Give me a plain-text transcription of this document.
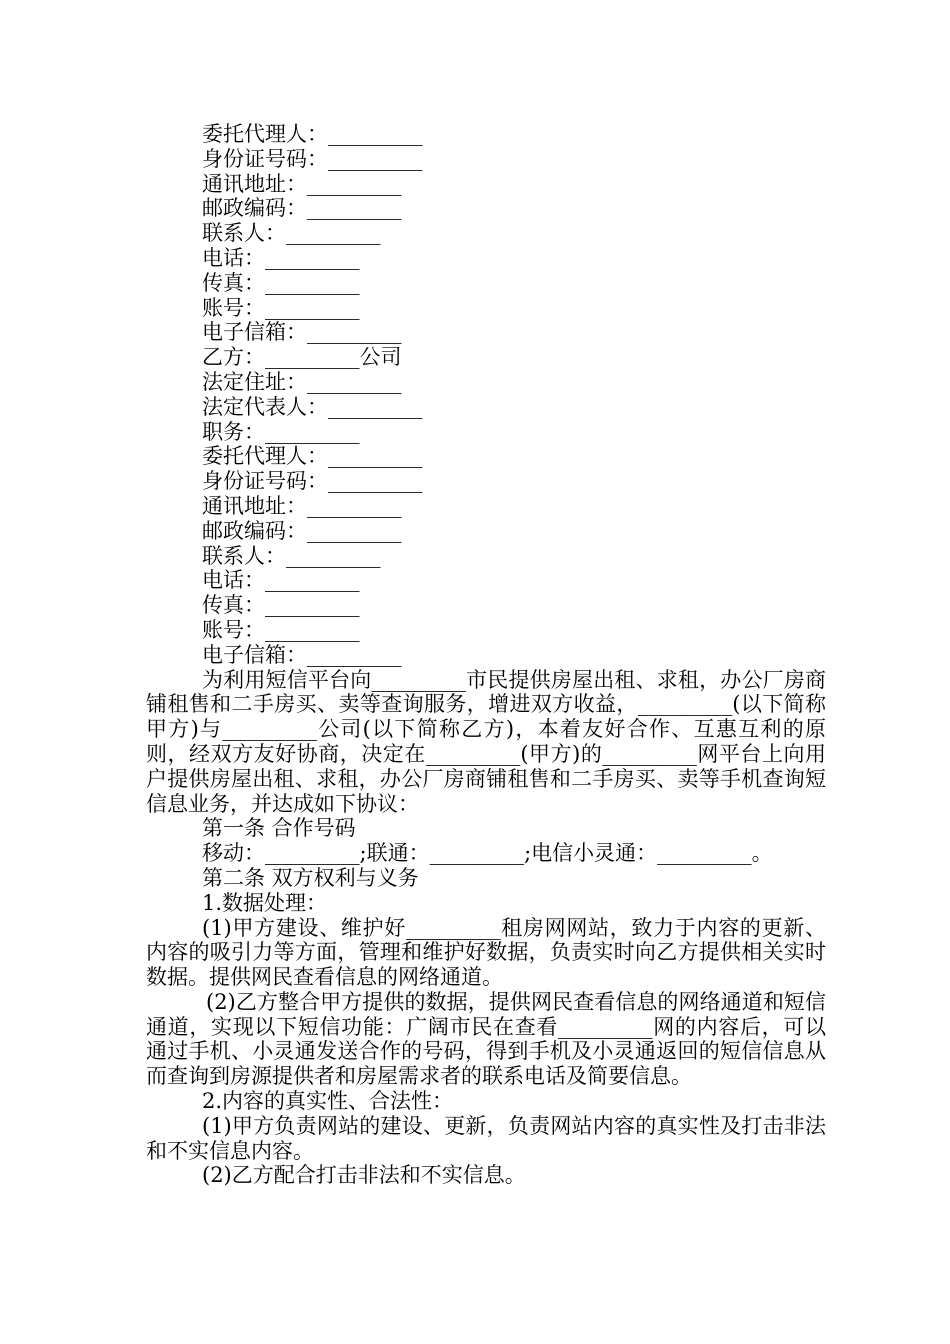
委托代理人：_________
身份证号码：_________
通讯地址：_________
邮政编码：_________
联系人：_________
电话：_________
传真：_________
账号：_________
电子信箱：_________
乙方：_________公司
法定住址：_________
法定代表人：_________
职务：_________
委托代理人：_________
身份证号码：_________
通讯地址：_________
邮政编码：_________
联系人：_________
电话：_________
传真：_________
账号：_________
电子信箱：_________
为利用短信平台向_________市民提供房屋出租、求租，办公厂房商铺租售和二手房买、卖等查询服务，增进双方收益，_________(以下简称甲方)与_________公司(以下简称乙方)，本着友好合作、互惠互利的原则，经双方友好协商，决定在_________(甲方)的_________网平台上向用户提供房屋出租、求租，办公厂房商铺租售和二手房买、卖等手机查询短信息业务，并达成如下协议：
第一条 合作号码
移动：_________;联通：_________;电信小灵通：_________。
第二条 双方权利与义务
1.数据处理：
(1)甲方建设、维护好_________租房网网站，致力于内容的更新、内容的吸引力等方面，管理和维护好数据，负责实时向乙方提供相关实时数据。提供网民查看信息的网络通道。
(2)乙方整合甲方提供的数据，提供网民查看信息的网络通道和短信通道，实现以下短信功能：广阔市民在查看_________网的内容后，可以通过手机、小灵通发送合作的号码，得到手机及小灵通返回的短信信息从而查询到房源提供者和房屋需求者的联系电话及简要信息。
2.内容的真实性、合法性：
(1)甲方负责网站的建设、更新，负责网站内容的真实性及打击非法和不实信息内容。
(2)乙方配合打击非法和不实信息。
